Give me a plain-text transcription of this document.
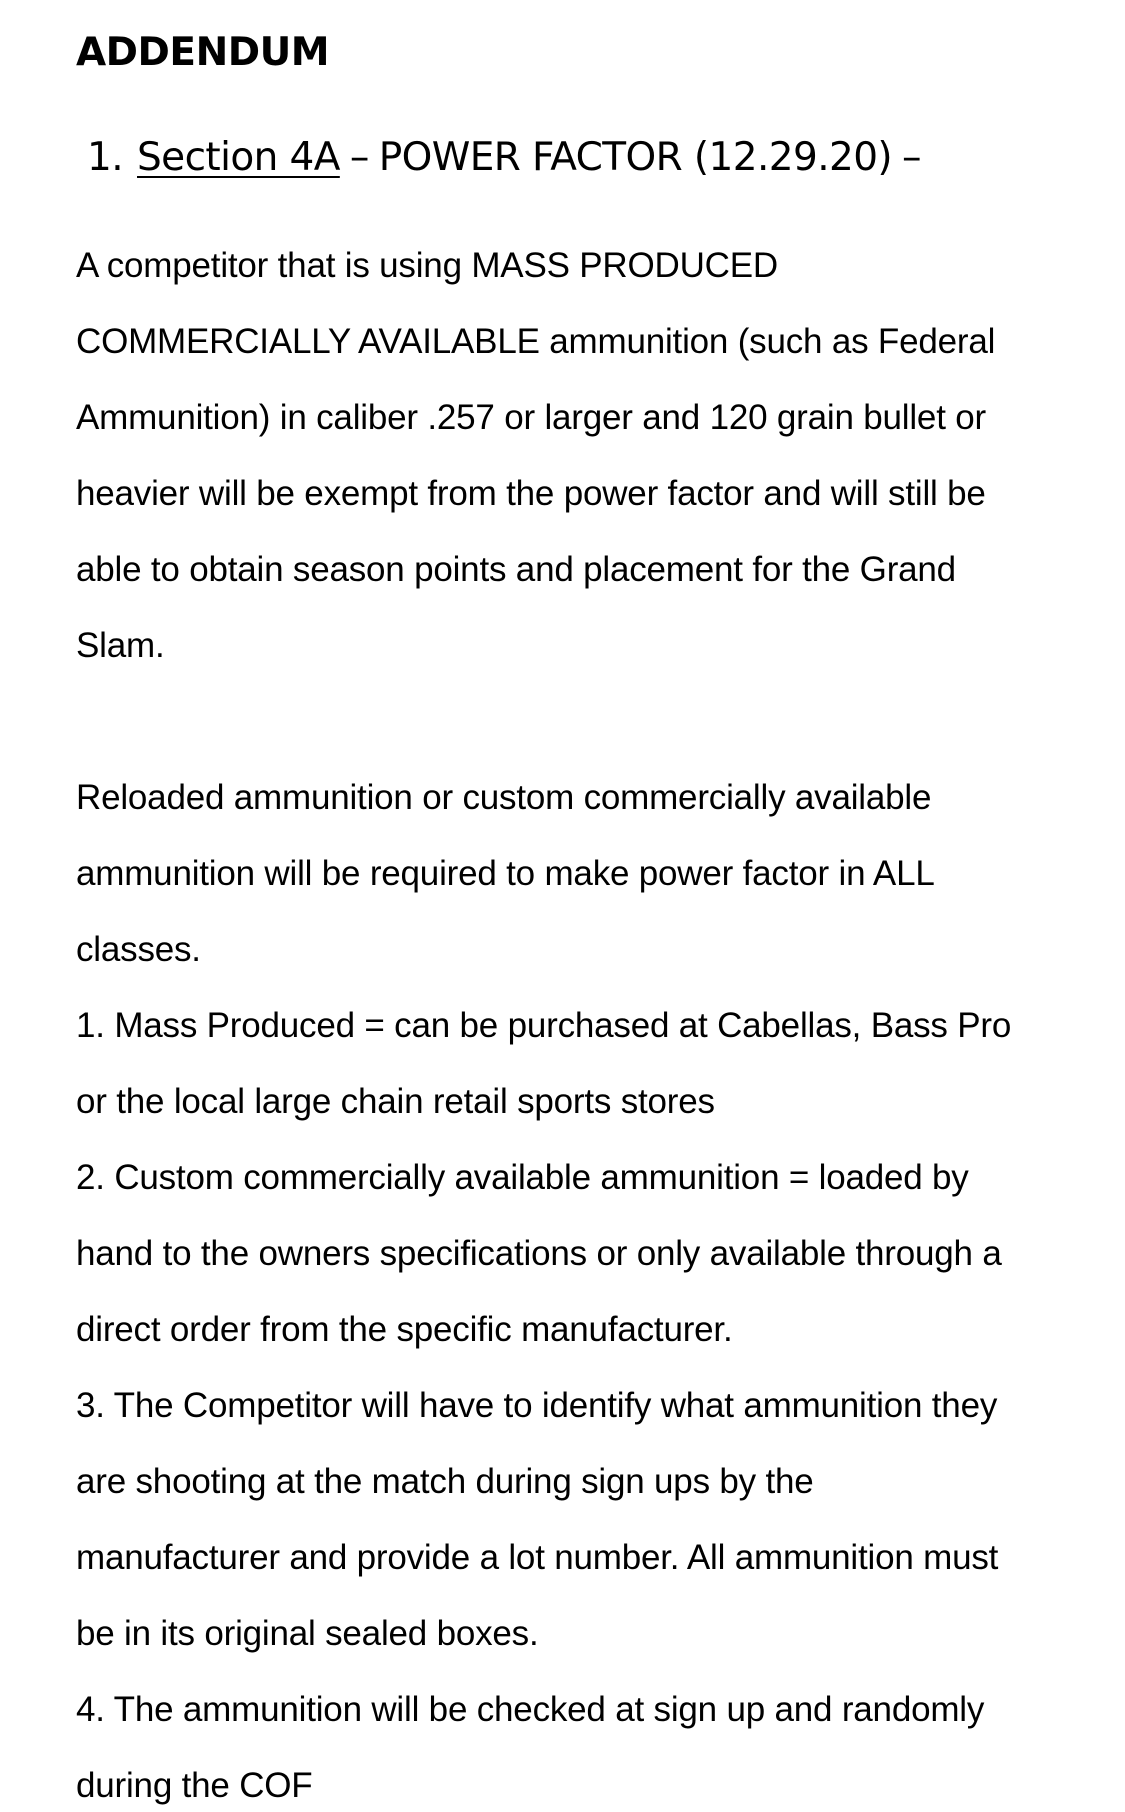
ADDENDUM
1. Section 4A – POWER FACTOR (12.29.20) –

A competitor that is using MASS PRODUCED

COMMERCIALLY AVAILABLE ammunition (such as Federal

Ammunition) in caliber .257 or larger and 120 grain bullet or

heavier will be exempt from the power factor and will still be

able to obtain season points and placement for the Grand

Slam.

Reloaded ammunition or custom commercially available

ammunition will be required to make power factor in ALL

classes.

1. Mass Produced = can be purchased at Cabellas, Bass Pro

or the local large chain retail sports stores

2. Custom commercially available ammunition = loaded by

hand to the owners specifications or only available through a

direct order from the specific manufacturer.

3. The Competitor will have to identify what ammunition they

are shooting at the match during sign ups by the

manufacturer and provide a lot number. All ammunition must

be in its original sealed boxes.

4. The ammunition will be checked at sign up and randomly

during the COF
